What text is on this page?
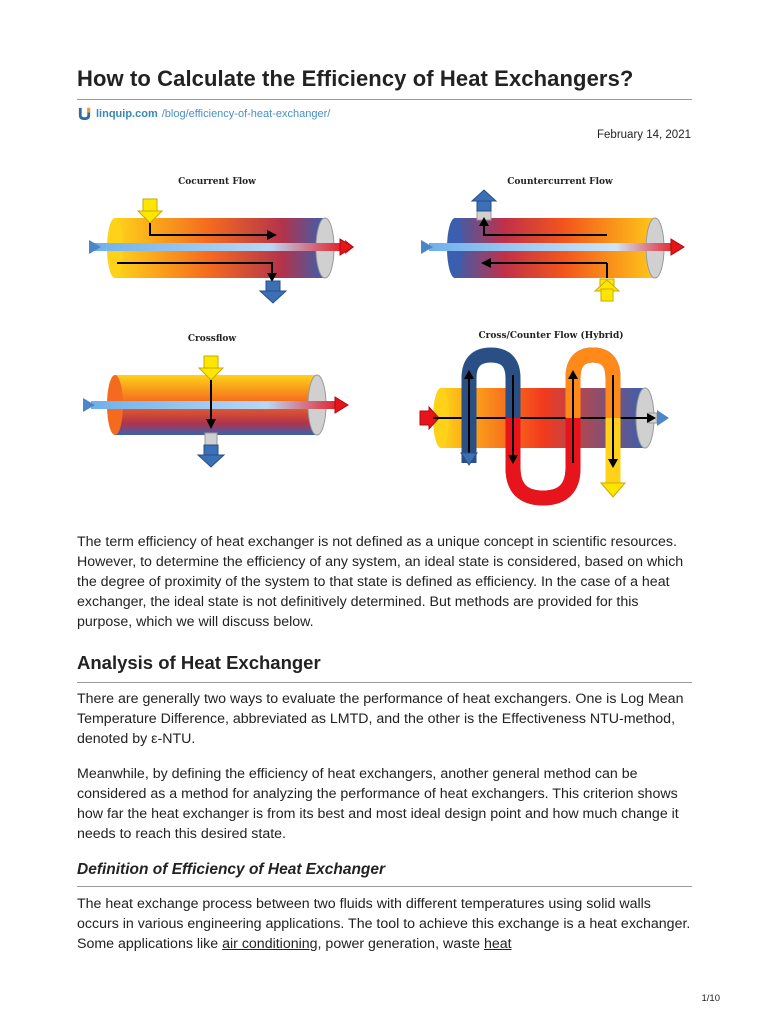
How to Calculate the Efficiency of Heat Exchangers?
linquip.com /blog/efficiency-of-heat-exchanger/
February 14, 2021
Cocurrent Flow	Countercurrent Flow
Crossflow	Cross/Counter Flow (Hybrid)

The term efficiency of heat exchanger is not defined as a unique concept in scientific resources. However, to determine the efficiency of any system, an ideal state is considered, based on which the degree of proximity of the system to that state is defined as efficiency. In the case of a heat exchanger, the ideal state is not definitively determined. But methods are provided for this purpose, which we will discuss below.

Analysis of Heat Exchanger

There are generally two ways to evaluate the performance of heat exchangers. One is Log Mean Temperature Difference, abbreviated as LMTD, and the other is the Effectiveness NTU-method, denoted by ε-NTU.

Meanwhile, by defining the efficiency of heat exchangers, another general method can be considered as a method for analyzing the performance of heat exchangers. This criterion shows how far the heat exchanger is from its best and most ideal design point and how much change it needs to reach this desired state.

Definition of Efficiency of Heat Exchanger

The heat exchange process between two fluids with different temperatures using solid walls occurs in various engineering applications. The tool to achieve this exchange is a heat exchanger. Some applications like air conditioning, power generation, waste heat

1/10
